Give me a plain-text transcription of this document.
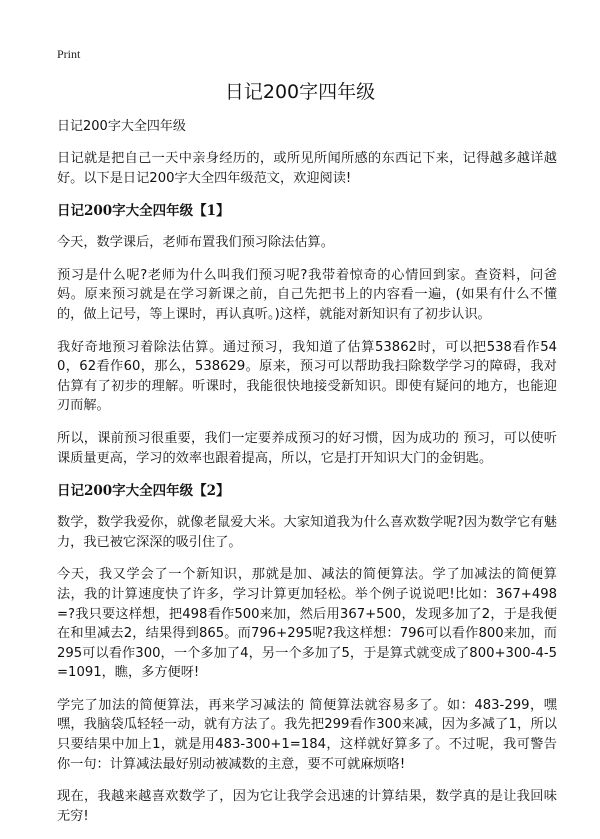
Print
日记200字四年级
日记200字大全四年级
日记就是把自己一天中亲身经历的，或所见所闻所感的东西记下来，记得越多越详越好。以下是日记200字大全四年级范文，欢迎阅读!
日记200字大全四年级【1】
今天，数学课后，老师布置我们预习除法估算。
预习是什么呢?老师为什么叫我们预习呢?我带着惊奇的心情回到家。查资料，问爸妈。原来预习就是在学习新课之前，自己先把书上的内容看一遍，(如果有什么不懂的，做上记号，等上课时，再认真听。)这样，就能对新知识有了初步认识。
我好奇地预习着除法估算。通过预习，我知道了估算53862时，可以把538看作540，62看作60，那么，538629。原来，预习可以帮助我扫除数学学习的障碍，我对估算有了初步的理解。听课时，我能很快地接受新知识。即使有疑问的地方，也能迎刃而解。
所以，课前预习很重要，我们一定要养成预习的好习惯，因为成功的 预习，可以使听课质量更高，学习的效率也跟着提高，所以，它是打开知识大门的金钥匙。
日记200字大全四年级【2】
数学，数学我爱你，就像老鼠爱大米。大家知道我为什么喜欢数学呢?因为数学它有魅力，我已被它深深的吸引住了。
今天，我又学会了一个新知识，那就是加、减法的简便算法。学了加减法的简便算法，我的计算速度快了许多，学习计算更加轻松。举个例子说说吧!比如：367+498=?我只要这样想，把498看作500来加，然后用367+500，发现多加了2，于是我便在和里减去2，结果得到865。而796+295呢?我这样想：796可以看作800来加，而295可以看作300，一个多加了4，另一个多加了5，于是算式就变成了800+300-4-5=1091，瞧，多方便呀!
学完了加法的简便算法，再来学习减法的 简便算法就容易多了。如：483-299，嘿嘿，我脑袋瓜轻轻一动，就有方法了。我先把299看作300来减，因为多减了1，所以只要结果中加上1，就是用483-300+1=184，这样就好算多了。不过呢，我可警告你一句：计算减法最好别动被减数的主意，要不可就麻烦咯!
现在，我越来越喜欢数学了，因为它让我学会迅速的计算结果，数学真的是让我回味无穷!
